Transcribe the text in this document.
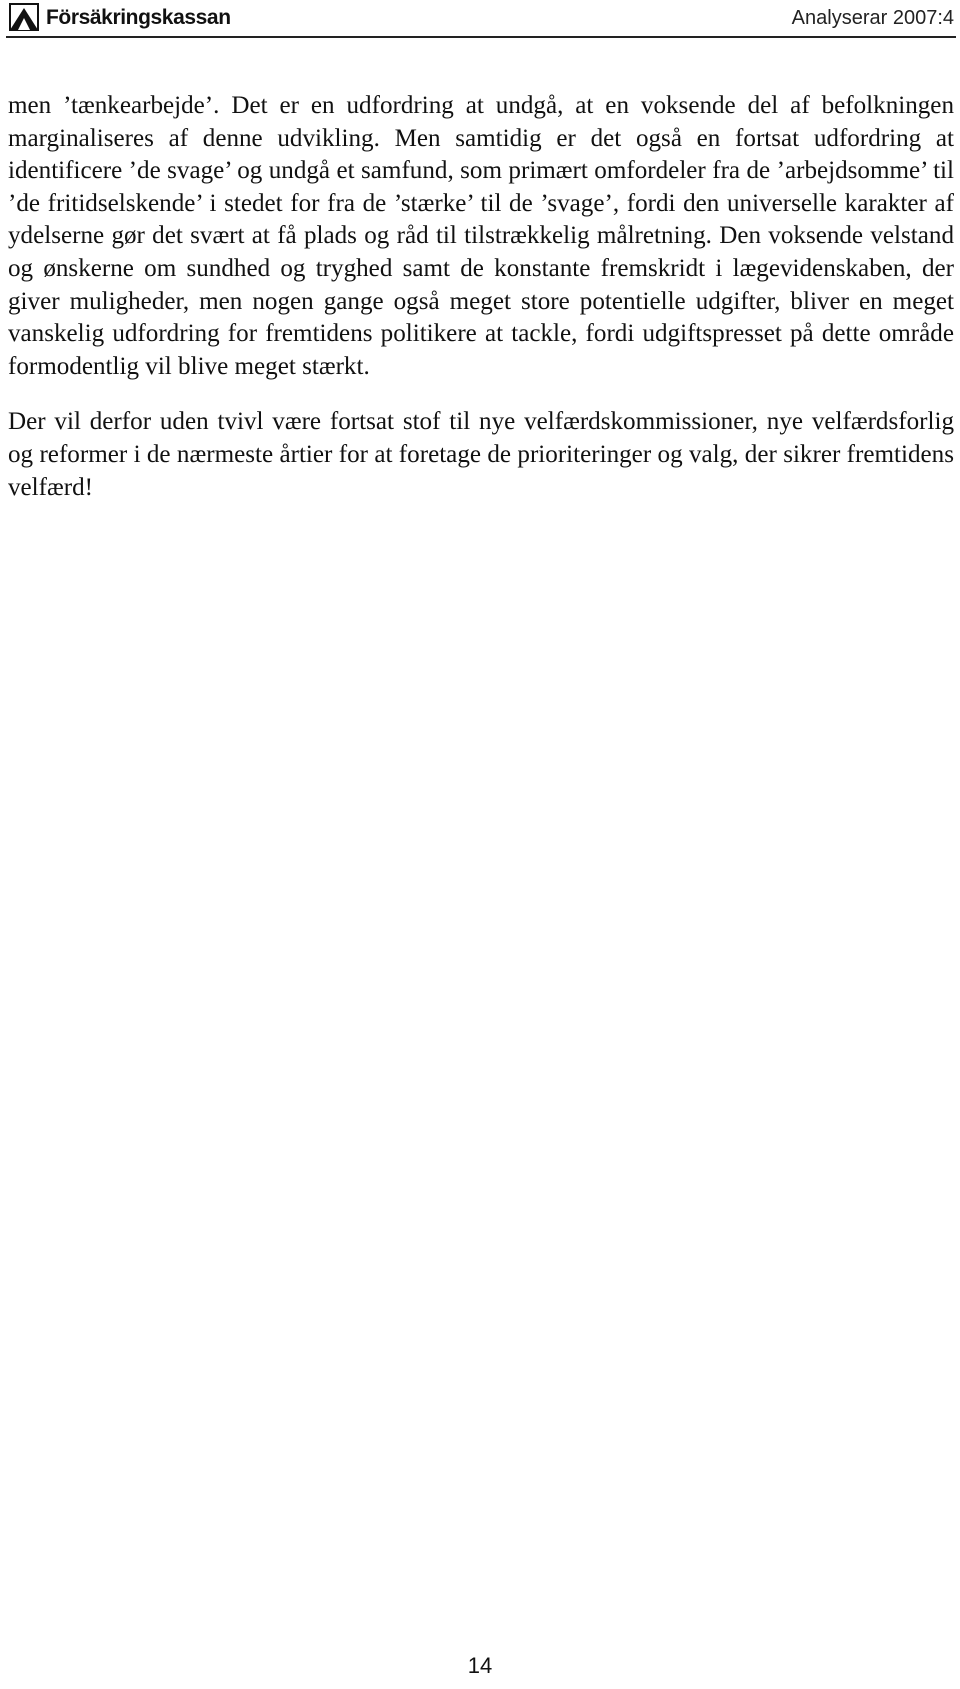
Försäkringskassan	Analyserar 2007:4

men ’tænkearbejde’. Det er en udfordring at undgå, at en voksende del af befolkningen marginaliseres af denne udvikling. Men samtidig er det også en fortsat udfordring at identificere ’de svage’ og undgå et samfund, som primært omfordeler fra de ’arbejdsomme’ til ’de fritidselskende’ i stedet for fra de ’stærke’ til de ’svage’, fordi den universelle karakter af ydelserne gør det svært at få plads og råd til tilstrækkelig målretning. Den voksende velstand og ønskerne om sundhed og tryghed samt de konstante fremskridt i lægevidenskaben, der giver muligheder, men nogen gange også meget store potentielle udgifter, bliver en meget vanskelig udfordring for fremtidens politikere at tackle, fordi udgiftspresset på dette område formodentlig vil blive meget stærkt.

Der vil derfor uden tvivl være fortsat stof til nye velfærdskommissioner, nye velfærdsforlig og reformer i de nærmeste årtier for at foretage de prioriteringer og valg, der sikrer fremtidens velfærd!

14
